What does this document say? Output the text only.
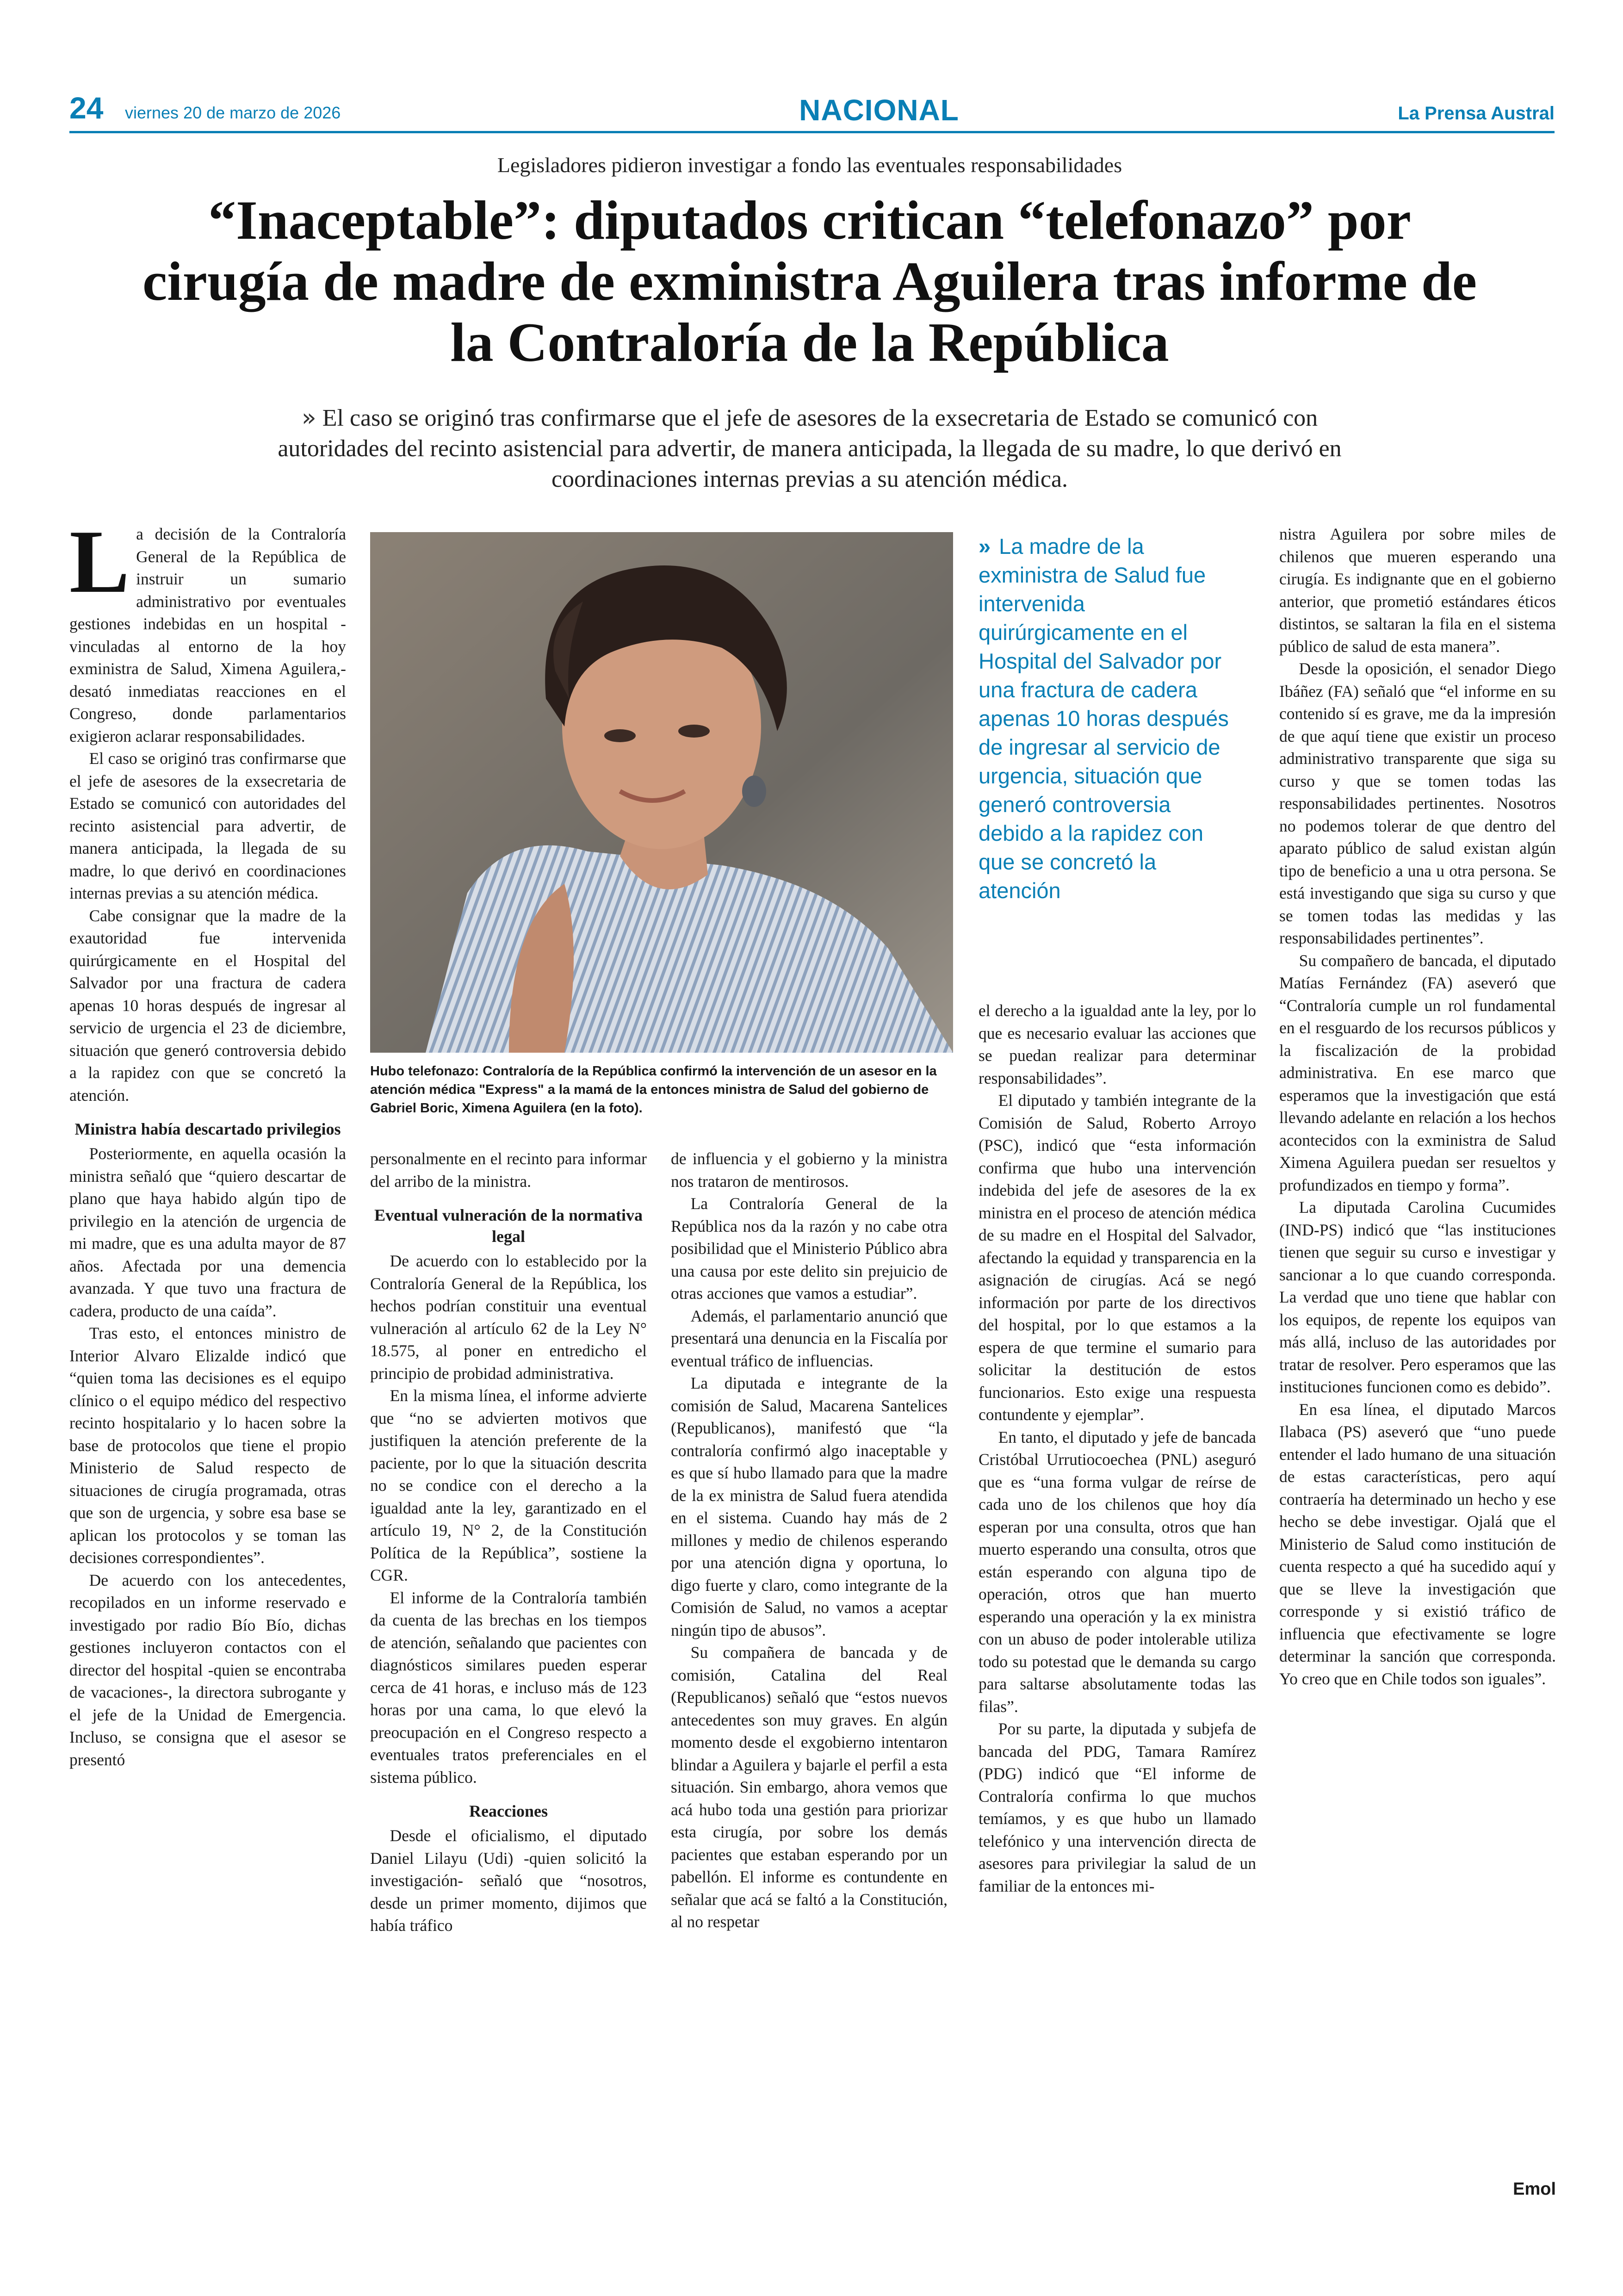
24 viernes 20 de marzo de 2026	NACIONAL	La Prensa Austral
Legisladores pidieron investigar a fondo las eventuales responsabilidades
“Inaceptable”: diputados critican “telefonazo” por cirugía de madre de exministra Aguilera tras informe de la Contraloría de la República
» El caso se originó tras confirmarse que el jefe de asesores de la exsecretaria de Estado se comunicó con autoridades del recinto asistencial para advertir, de manera anticipada, la llegada de su madre, lo que derivó en coordinaciones internas previas a su atención médica.
Hubo telefonazo: Contraloría de la República confirmó la intervención de un asesor en la atención médica "Express" a la mamá de la entonces ministra de Salud del gobierno de Gabriel Boric, Ximena Aguilera (en la foto).
» La madre de la exministra de Salud fue intervenida quirúrgicamente en el Hospital del Salvador por una fractura de cadera apenas 10 horas después de ingresar al servicio de urgencia, situación que generó controversia debido a la rapidez con que se concretó la atención

La decisión de la Contraloría General de la República de instruir un sumario administrativo por eventuales gestiones indebidas en un hospital -vinculadas al entorno de la hoy exministra de Salud, Ximena Aguilera,- desató inmediatas reacciones en el Congreso, donde parlamentarios exigieron aclarar responsabilidades.

El caso se originó tras confirmarse que el jefe de asesores de la exsecretaria de Estado se comunicó con autoridades del recinto asistencial para advertir, de manera anticipada, la llegada de su madre, lo que derivó en coordinaciones internas previas a su atención médica.

Cabe consignar que la madre de la exautoridad fue intervenida quirúrgicamente en el Hospital del Salvador por una fractura de cadera apenas 10 horas después de ingresar al servicio de urgencia el 23 de diciembre, situación que generó controversia debido a la rapidez con que se concretó la atención.

Ministra había descartado privilegios

Posteriormente, en aquella ocasión la ministra señaló que “quiero descartar de plano que haya habido algún tipo de privilegio en la atención de urgencia de mi madre, que es una adulta mayor de 87 años. Afectada por una demencia avanzada. Y que tuvo una fractura de cadera, producto de una caída”.

Tras esto, el entonces ministro de Interior Alvaro Elizalde indicó que “quien toma las decisiones es el equipo clínico o el equipo médico del respectivo recinto hospitalario y lo hacen sobre la base de protocolos que tiene el propio Ministerio de Salud respecto de situaciones de cirugía programada, otras que son de urgencia, y sobre esa base se aplican los protocolos y se toman las decisiones correspondientes”.

De acuerdo con los antecedentes, recopilados en un informe reservado e investigado por radio Bío Bío, dichas gestiones incluyeron contactos con el director del hospital -quien se encontraba de vacaciones-, la directora subrogante y el jefe de la Unidad de Emergencia. Incluso, se consigna que el asesor se presentó

personalmente en el recinto para informar del arribo de la ministra.

Eventual vulneración de la normativa legal

De acuerdo con lo establecido por la Contraloría General de la República, los hechos podrían constituir una eventual vulneración al artículo 62 de la Ley N° 18.575, al poner en entredicho el principio de probidad administrativa.

En la misma línea, el informe advierte que “no se advierten motivos que justifiquen la atención preferente de la paciente, por lo que la situación descrita no se condice con el derecho a la igualdad ante la ley, garantizado en el artículo 19, N° 2, de la Constitución Política de la República”, sostiene la CGR.

El informe de la Contraloría también da cuenta de las brechas en los tiempos de atención, señalando que pacientes con diagnósticos similares pueden esperar cerca de 41 horas, e incluso más de 123 horas por una cama, lo que elevó la preocupación en el Congreso respecto a eventuales tratos preferenciales en el sistema público.

Reacciones

Desde el oficialismo, el diputado Daniel Lilayu (Udi) -quien solicitó la investigación- señaló que “nosotros, desde un primer momento, dijimos que había tráfico

de influencia y el gobierno y la ministra nos trataron de mentirosos.

La Contraloría General de la República nos da la razón y no cabe otra posibilidad que el Ministerio Público abra una causa por este delito sin prejuicio de otras acciones que vamos a estudiar”.

Además, el parlamentario anunció que presentará una denuncia en la Fiscalía por eventual tráfico de influencias.

La diputada e integrante de la comisión de Salud, Macarena Santelices (Republicanos), manifestó que “la contraloría confirmó algo inaceptable y es que sí hubo llamado para que la madre de la ex ministra de Salud fuera atendida en el sistema. Cuando hay más de 2 millones y medio de chilenos esperando por una atención digna y oportuna, lo digo fuerte y claro, como integrante de la Comisión de Salud, no vamos a aceptar ningún tipo de abusos”.

Su compañera de bancada y de comisión, Catalina del Real (Republicanos) señaló que “estos nuevos antecedentes son muy graves. En algún momento desde el exgobierno intentaron blindar a Aguilera y bajarle el perfil a esta situación. Sin embargo, ahora vemos que acá hubo toda una gestión para priorizar esta cirugía, por sobre los demás pacientes que estaban esperando por un pabellón. El informe es contundente en señalar que acá se faltó a la Constitución, al no respetar

el derecho a la igualdad ante la ley, por lo que es necesario evaluar las acciones que se puedan realizar para determinar responsabilidades”.

El diputado y también integrante de la Comisión de Salud, Roberto Arroyo (PSC), indicó que “esta información confirma que hubo una intervención indebida del jefe de asesores de la ex ministra en el proceso de atención médica de su madre en el Hospital del Salvador, afectando la equidad y transparencia en la asignación de cirugías. Acá se negó información por parte de los directivos del hospital, por lo que estamos a la espera de que termine el sumario para solicitar la destitución de estos funcionarios. Esto exige una respuesta contundente y ejemplar”.

En tanto, el diputado y jefe de bancada Cristóbal Urrutiocoechea (PNL) aseguró que es “una forma vulgar de reírse de cada uno de los chilenos que hoy día esperan por una consulta, otros que han muerto esperando una consulta, otros que están esperando con alguna tipo de operación, otros que han muerto esperando una operación y la ex ministra con un abuso de poder intolerable utiliza todo su potestad que le demanda su cargo para saltarse absolutamente todas las filas”.

Por su parte, la diputada y subjefa de bancada del PDG, Tamara Ramírez (PDG) indicó que “El informe de Contraloría confirma lo que muchos temíamos, y es que hubo un llamado telefónico y una intervención directa de asesores para privilegiar la salud de un familiar de la entonces mi-

nistra Aguilera por sobre miles de chilenos que mueren esperando una cirugía. Es indignante que en el gobierno anterior, que prometió estándares éticos distintos, se saltaran la fila en el sistema público de salud de esta manera”.

Desde la oposición, el senador Diego Ibáñez (FA) señaló que “el informe en su contenido sí es grave, me da la impresión de que aquí tiene que existir un proceso administrativo transparente que siga su curso y que se tomen todas las responsabilidades pertinentes. Nosotros no podemos tolerar de que dentro del aparato público de salud existan algún tipo de beneficio a una u otra persona. Se está investigando que siga su curso y que se tomen todas las medidas y las responsabilidades pertinentes”.

Su compañero de bancada, el diputado Matías Fernández (FA) aseveró que “Contraloría cumple un rol fundamental en el resguardo de los recursos públicos y la fiscalización de la probidad administrativa. En ese marco que esperamos que la investigación que está llevando adelante en relación a los hechos acontecidos con la exministra de Salud Ximena Aguilera puedan ser resueltos y profundizados en tiempo y forma”.

La diputada Carolina Cucumides (IND-PS) indicó que “las instituciones tienen que seguir su curso e investigar y sancionar a lo que cuando corresponda. La verdad que uno tiene que hablar con los equipos, de repente los equipos van más allá, incluso de las autoridades por tratar de resolver. Pero esperamos que las instituciones funcionen como es debido”.

En esa línea, el diputado Marcos Ilabaca (PS) aseveró que “uno puede entender el lado humano de una situación de estas características, pero aquí contraería ha determinado un hecho y ese hecho se debe investigar. Ojalá que el Ministerio de Salud como institución de cuenta respecto a qué ha sucedido aquí y que se lleve la investigación que corresponde y si existió tráfico de influencia que efectivamente se logre determinar la sanción que corresponda. Yo creo que en Chile todos son iguales”.

Emol
